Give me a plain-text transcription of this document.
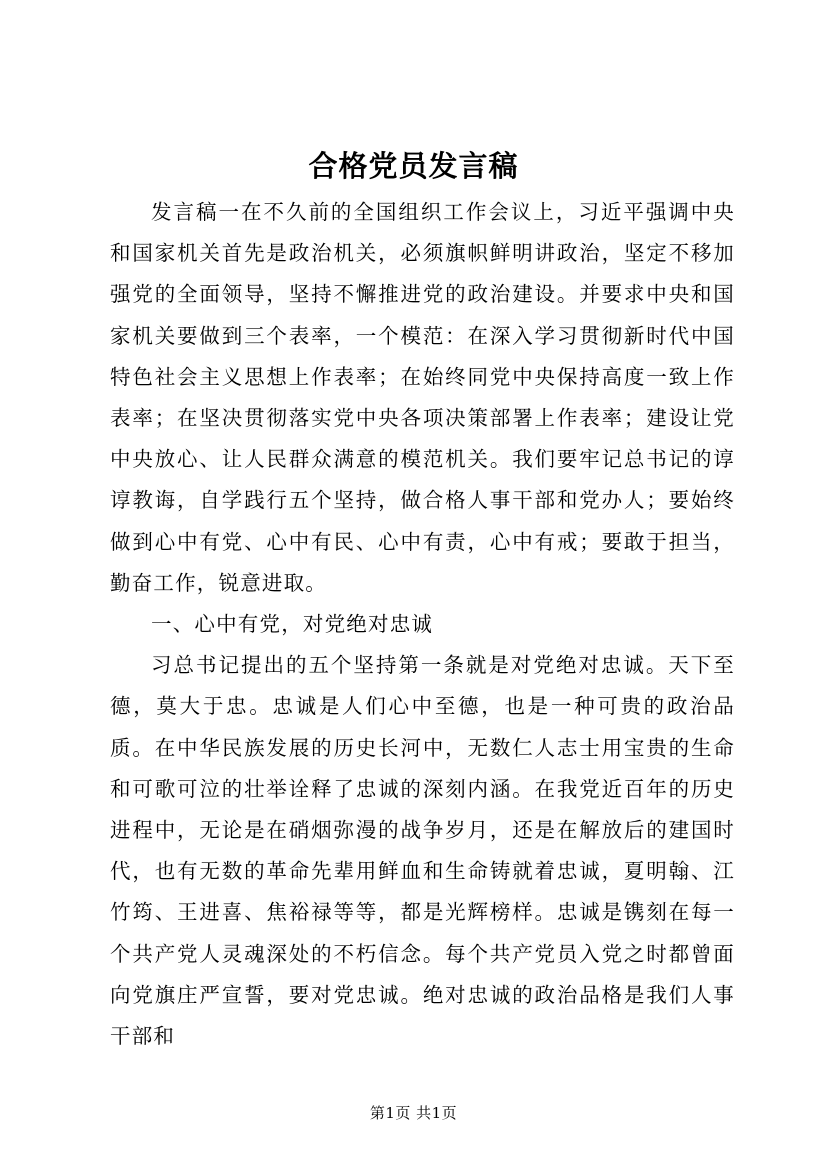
合格党员发言稿

发言稿一在不久前的全国组织工作会议上，习近平强调中央和国家机关首先是政治机关，必须旗帜鲜明讲政治，坚定不移加强党的全面领导，坚持不懈推进党的政治建设。并要求中央和国家机关要做到三个表率，一个模范：在深入学习贯彻新时代中国特色社会主义思想上作表率；在始终同党中央保持高度一致上作表率；在坚决贯彻落实党中央各项决策部署上作表率；建设让党中央放心、让人民群众满意的模范机关。我们要牢记总书记的谆谆教诲，自学践行五个坚持，做合格人事干部和党办人；要始终做到心中有党、心中有民、心中有责，心中有戒；要敢于担当，勤奋工作，锐意进取。

一、心中有党，对党绝对忠诚

习总书记提出的五个坚持第一条就是对党绝对忠诚。天下至德，莫大于忠。忠诚是人们心中至德，也是一种可贵的政治品质。在中华民族发展的历史长河中，无数仁人志士用宝贵的生命和可歌可泣的壮举诠释了忠诚的深刻内涵。在我党近百年的历史进程中，无论是在硝烟弥漫的战争岁月，还是在解放后的建国时代，也有无数的革命先辈用鲜血和生命铸就着忠诚，夏明翰、江竹筠、王进喜、焦裕禄等等，都是光辉榜样。忠诚是镌刻在每一个共产党人灵魂深处的不朽信念。每个共产党员入党之时都曾面向党旗庄严宣誓，要对党忠诚。绝对忠诚的政治品格是我们人事干部和

第1页 共1页
